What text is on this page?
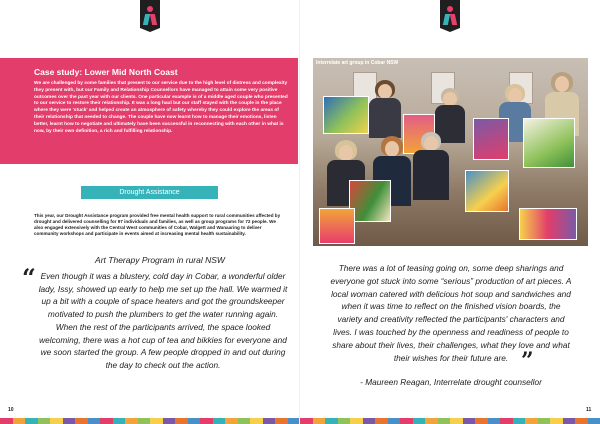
Case study: Lower Mid North Coast
We are challenged by some families that present to our service due to the high level of distress and complexity they present with, but our Family and Relationship Counsellors have managed to attain some very positive outcomes over the past year with our clients. One particular example is of a middle aged couple who presented to our service to restore their relationship. It was a long haul but our staff stayed with the couple in the place where they were 'stuck' and helped create an atmosphere of safety whereby they could explore the areas of their relationship that needed to change. The couple have now learnt how to manage their emotions, listen better, learnt how to negotiate and ultimately have been successful in reconnecting with each other in what is now, by their own definition, a rich and fulfilling relationship.
Drought Assistance
This year, our Drought Assistance program provided free mental health support to rural communities affected by drought and delivered counselling for 97 individuals and families, as well as group programs for 72 people. We also engaged extensively with the Central West communities of Cobar, Walgett and Wanaaring to deliver community workshops and participate in events aimed at increasing mental health sustainability.
Art Therapy Program in rural NSW
“ Even though it was a blustery, cold day in Cobar, a wonderful older lady, Issy, showed up early to help me set up the hall. We warmed it up a bit with a couple of space heaters and got the groundskeeper motivated to push the plumbers to get the water running again. When the rest of the participants arrived, the space looked welcoming, there was a hot cup of tea and bikkies for everyone and we soon started the group. A few people dropped in and out during the day to check out the action.
10	11
Interrelate art group in Cobar NSW
There was a lot of teasing going on, some deep sharings and everyone got stuck into some “serious” production of art pieces. A local woman catered with delicious hot soup and sandwiches and when it was time to reflect on the finished vision boards, the variety and creativity reflected the participants' characters and lives. I was touched by the openness and readiness of people to share about their lives, their challenges, what they love and what their wishes for their future are. ”
- Maureen Reagan, Interrelate drought counsellor
